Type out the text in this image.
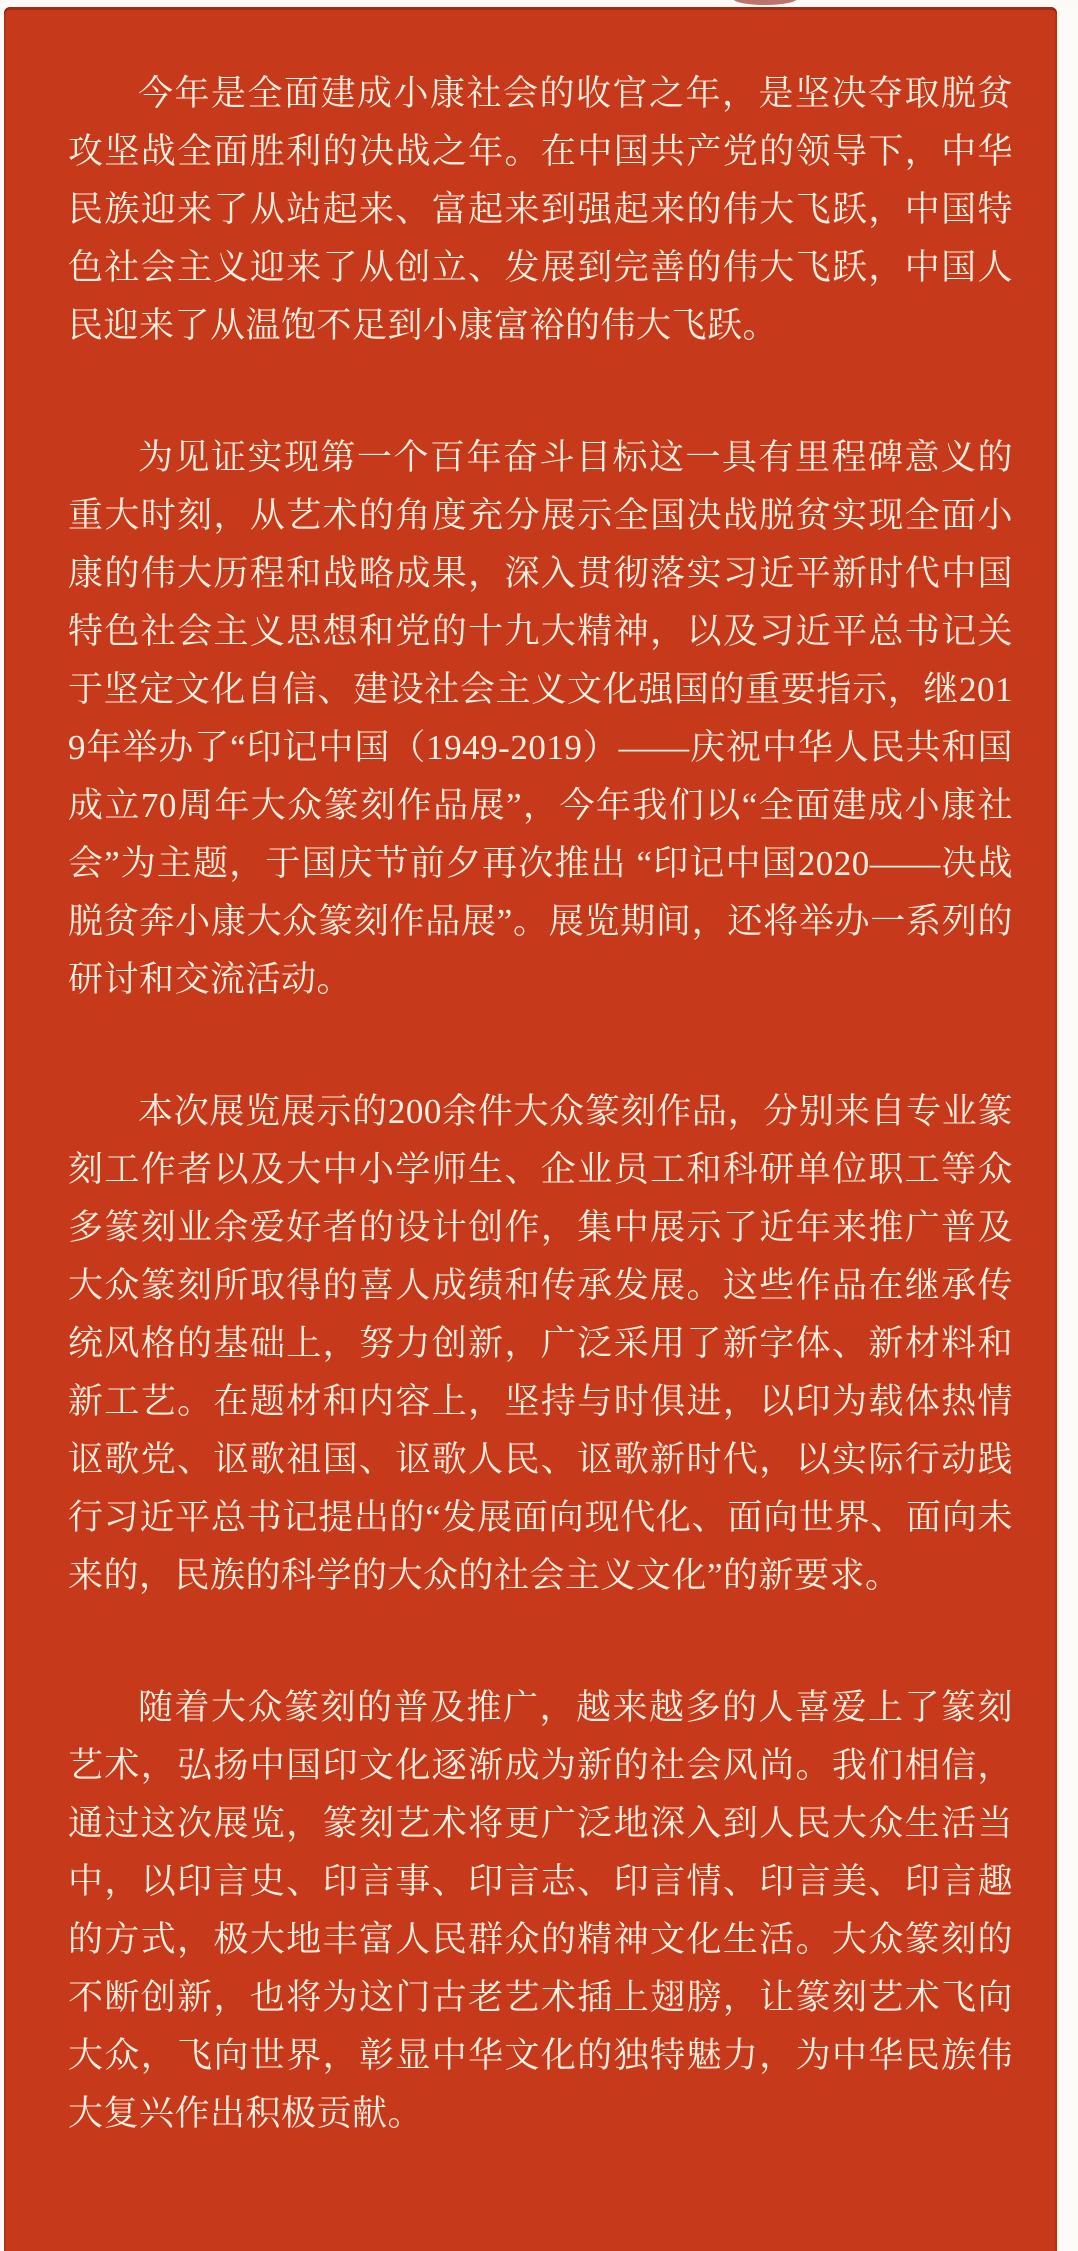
今年是全面建成小康社会的收官之年，是坚决夺取脱贫攻坚战全面胜利的决战之年。在中国共产党的领导下，中华民族迎来了从站起来、富起来到强起来的伟大飞跃，中国特色社会主义迎来了从创立、发展到完善的伟大飞跃，中国人民迎来了从温饱不足到小康富裕的伟大飞跃。

为见证实现第一个百年奋斗目标这一具有里程碑意义的重大时刻，从艺术的角度充分展示全国决战脱贫实现全面小康的伟大历程和战略成果，深入贯彻落实习近平新时代中国特色社会主义思想和党的十九大精神，以及习近平总书记关于坚定文化自信、建设社会主义文化强国的重要指示，继2019年举办了“印记中国（1949-2019）——庆祝中华人民共和国成立70周年大众篆刻作品展”，今年我们以“全面建成小康社会”为主题，于国庆节前夕再次推出 “印记中国2020——决战脱贫奔小康大众篆刻作品展”。展览期间，还将举办一系列的研讨和交流活动。

本次展览展示的200余件大众篆刻作品，分别来自专业篆刻工作者以及大中小学师生、企业员工和科研单位职工等众多篆刻业余爱好者的设计创作，集中展示了近年来推广普及大众篆刻所取得的喜人成绩和传承发展。这些作品在继承传统风格的基础上，努力创新，广泛采用了新字体、新材料和新工艺。在题材和内容上，坚持与时俱进，以印为载体热情讴歌党、讴歌祖国、讴歌人民、讴歌新时代，以实际行动践行习近平总书记提出的“发展面向现代化、面向世界、面向未来的，民族的科学的大众的社会主义文化”的新要求。

随着大众篆刻的普及推广，越来越多的人喜爱上了篆刻艺术，弘扬中国印文化逐渐成为新的社会风尚。我们相信，通过这次展览，篆刻艺术将更广泛地深入到人民大众生活当中，以印言史、印言事、印言志、印言情、印言美、印言趣的方式，极大地丰富人民群众的精神文化生活。大众篆刻的不断创新，也将为这门古老艺术插上翅膀，让篆刻艺术飞向大众，飞向世界，彰显中华文化的独特魅力，为中华民族伟大复兴作出积极贡献。
